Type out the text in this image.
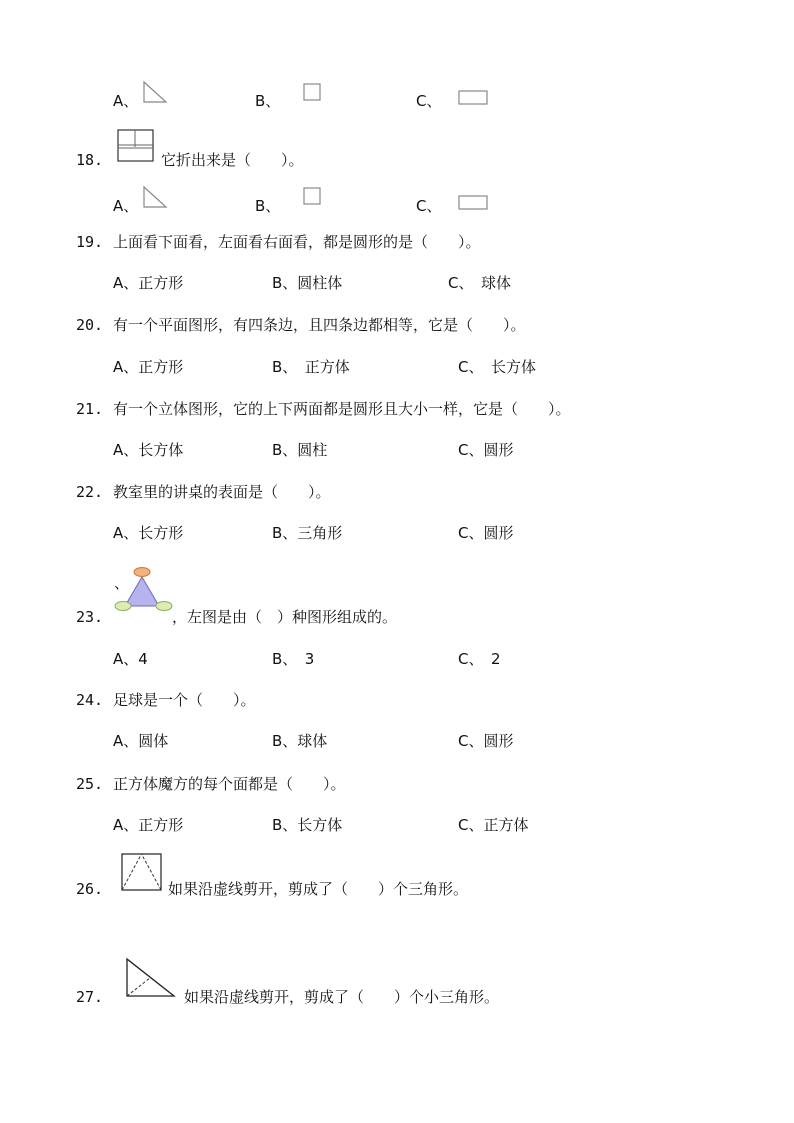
A、	B、	C、
18.	它折出来是（　　）。
A、	B、	C、
19. 上面看下面看，左面看右面看，都是圆形的是（　　）。
A、正方形	B、圆柱体	C、　球体
20. 有一个平面图形，有四条边，且四条边都相等，它是（　　）。
A、正方形	B、　正方体	C、　长方体
21. 有一个立体图形，它的上下两面都是圆形且大小一样，它是（　　）。
A、长方体	B、圆柱	C、圆形
22. 教室里的讲桌的表面是（　　）。
A、长方形	B、三角形	C、圆形
、
23.	，左图是由（　）种图形组成的。
A、4	B、　3	C、　2
24. 足球是一个（　　）。
A、圆体	B、球体	C、圆形
25. 正方体魔方的每个面都是（　　）。
A、正方形	B、长方体	C、正方体
26.	如果沿虚线剪开，剪成了（　　）个三角形。
27.	如果沿虚线剪开，剪成了（　　）个小三角形。
